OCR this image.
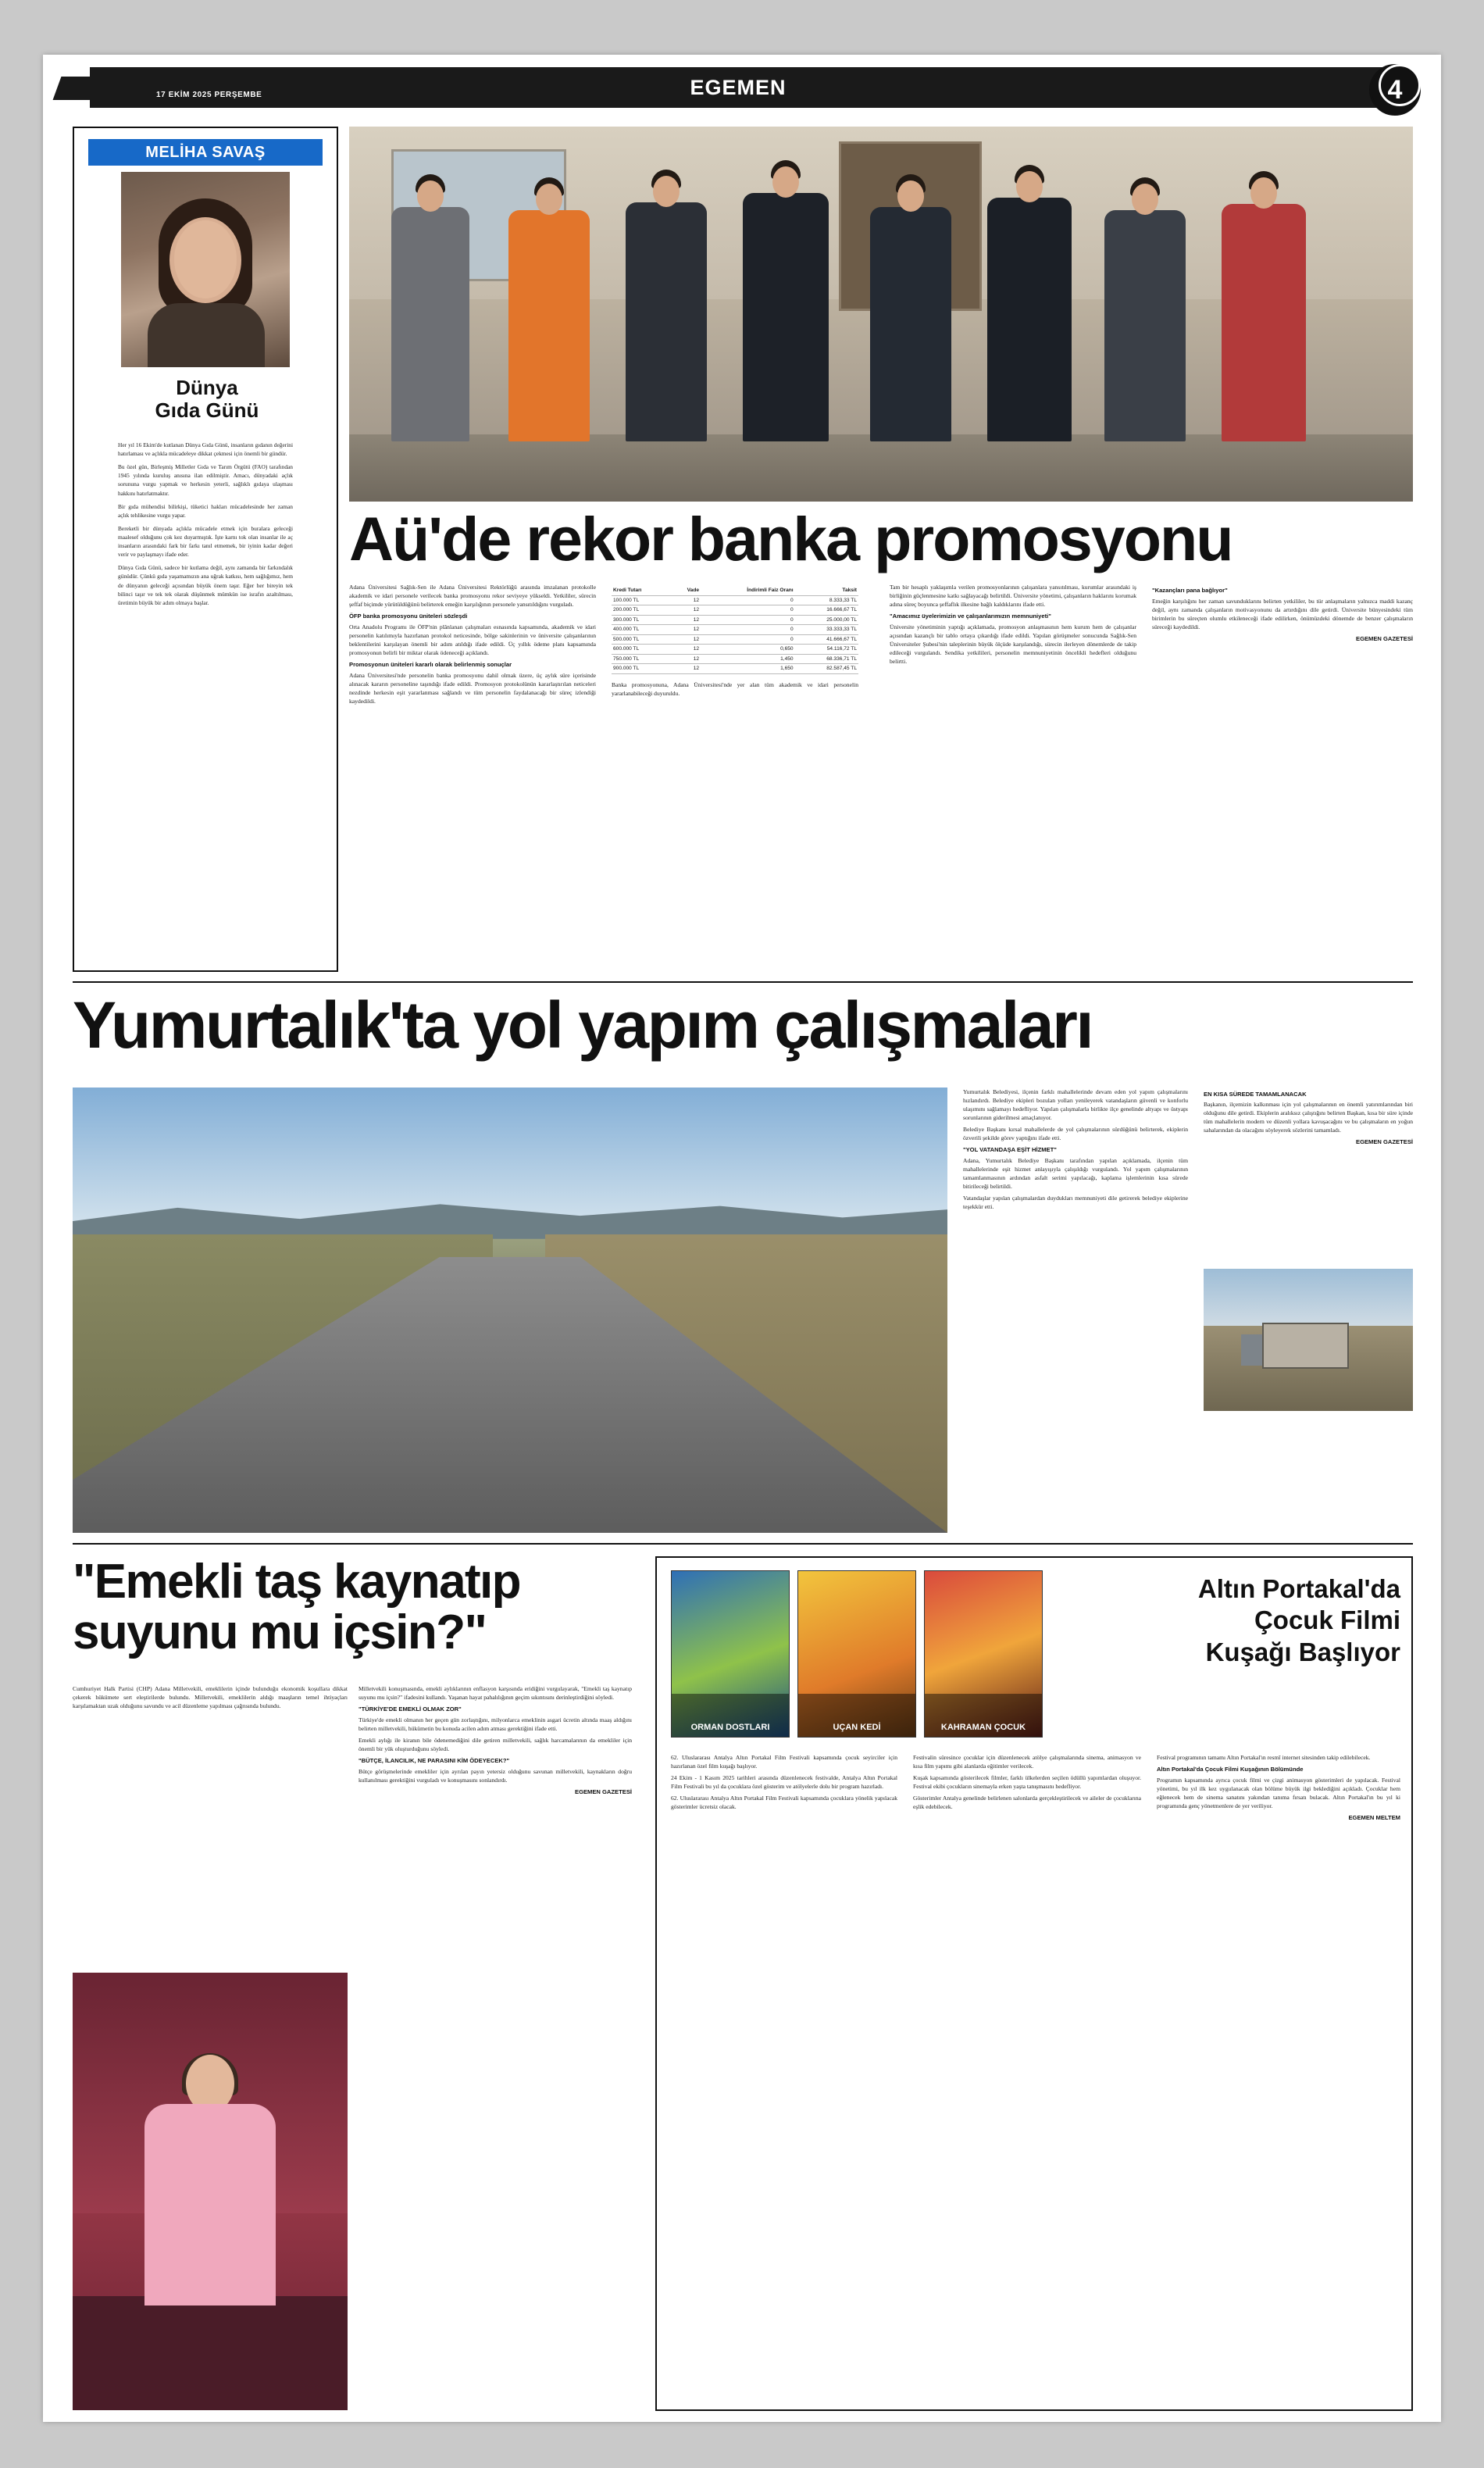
EGEMEN
17 EKİM 2025 PERŞEMBE	4
MELİHA SAVAŞ
Dünya
Gıda Günü

Her yıl 16 Ekim'de kutlanan Dünya Gıda Günü, insanların gıdanın değerini hatırlaması ve açlıkla mücadeleye dikkat çekmesi için önemli bir gündür.

Bu özel gün, Birleşmiş Milletler Gıda ve Tarım Örgütü (FAO) tarafından 1945 yılında kuruluş anısına ilan edilmiştir. Amacı, dünyadaki açlık sorununa vurgu yapmak ve herkesin yeterli, sağlıklı gıdaya ulaşması hakkını hatırlatmaktır.

Bir gıda mühendisi bilirkişi, tüketici hakları mücadelesinde her zaman açlık tehlikesine vurgu yapar.

Bereketli bir dünyada açlıkla mücadele etmek için buralara geleceği maalesef olduğunu çok kez duyarmıştık. İşte karnı tok olan insanlar ile aç insanların arasındaki fark bir farkı tanıl etmemek, bir iyinin kadar değeri verir ve paylaşmayı ifade eder.

Dünya Gıda Günü, sadece bir kutlama değil, aynı zamanda bir farkındalık günüdür. Çünkü gıda yaşamamızın ana uğrak katkısı, hem sağlığımız, hem de dünyanın geleceği açısından büyük önem taşır. Eğer her bireyin tek bilinci taşır ve tek tek olarak düşünmek mümkün ise israfın azaltılması, üretimin büyük bir adım olmaya başlar.

Aü'de rekor banka promosyonu

Adana Üniversitesi Sağlık-Sen ile Adana Üniversitesi Rektörlüğü arasında imzalanan protokolle akademik ve idari personele verilecek banka promosyonu rekor seviyeye yükseldi. Yetkililer, sürecin şeffaf biçimde yürütüldüğünü belirterek emeğin karşılığının personele yansıtıldığını vurguladı.

ÖFP banka promosyonu üniteleri sözleşdi

Orta Anadolu Programı ile ÖFP'nin plânlanan çalışmaları esnasında kapsamında, akademik ve idari personelin katılımıyla hazırlanan protokol neticesinde, bölge sakinlerinin ve üniversite çalışanlarının beklentilerini karşılayan önemli bir adım atıldığı ifade edildi. Üç yıllık ödeme planı kapsamında promosyonun belirli bir miktar olarak ödeneceği açıklandı.

Promosyonun üniteleri kararlı olarak belirlenmiş sonuçlar

Adana Üniversitesi'nde personelin banka promosyonu dahil olmak üzere, üç aylık süre içerisinde alınacak kararın personeline taşındığı ifade edildi. Promosyon protokolünün kararlaştırılan neticeleri nezdinde herkesin eşit yararlanması sağlandı ve tüm personelin faydalanacağı bir süreç izlendiği kaydedildi.

Kredi Tutarı	Vade	İndirimli Faiz Oranı	Taksit
100.000 TL	12	0	8.333,33 TL
200.000 TL	12	0	16.666,67 TL
300.000 TL	12	0	25.000,00 TL
400.000 TL	12	0	33.333,33 TL
500.000 TL	12	0	41.666,67 TL
600.000 TL	12	0,650	54.116,72 TL
750.000 TL	12	1,450	68.336,71 TL
900.000 TL	12	1,650	82.587,45 TL

Banka promosyonuna, Adana Üniversitesi'nde yer alan tüm akademik ve idari personelin yararlanabileceği duyuruldu.

Tam bir hesaplı yaklaşımla verilen promosyonlarının çalışanlara yansıtılması, kurumlar arasındaki iş birliğinin güçlenmesine katkı sağlayacağı belirtildi. Üniversite yönetimi, çalışanların haklarını korumak adına süreç boyunca şeffaflık ilkesine bağlı kaldıklarını ifade etti.

"Amacımız üyelerimizin ve çalışanlarımızın memnuniyeti"

Üniversite yönetiminin yaptığı açıklamada, promosyon anlaşmasının hem kurum hem de çalışanlar açısından kazançlı bir tablo ortaya çıkardığı ifade edildi. Yapılan görüşmeler sonucunda Sağlık-Sen Üniversiteler Şubesi'nin taleplerinin büyük ölçüde karşılandığı, sürecin ilerleyen dönemlerde de takip edileceği vurgulandı. Sendika yetkilileri, personelin memnuniyetinin öncelikli hedefleri olduğunu belirtti.

"Kazançları pana bağlıyor"

Emeğin karşılığını her zaman savunduklarını belirten yetkililer, bu tür anlaşmaların yalnızca maddi kazanç değil, aynı zamanda çalışanların motivasyonunu da artırdığını dile getirdi. Üniversite bünyesindeki tüm birimlerin bu süreçten olumlu etkileneceği ifade edilirken, önümüzdeki dönemde de benzer çalışmaların süreceği kaydedildi.

EGEMEN GAZETESİ
Yumurtalık'ta yol yapım çalışmaları

Yumurtalık Belediyesi, ilçenin farklı mahallelerinde devam eden yol yapım çalışmalarını hızlandırdı. Belediye ekipleri bozulan yolları yenileyerek vatandaşların güvenli ve konforlu ulaşımını sağlamayı hedefliyor. Yapılan çalışmalarla birlikte ilçe genelinde altyapı ve üstyapı sorunlarının giderilmesi amaçlanıyor.

Belediye Başkanı kırsal mahallelerde de yol çalışmalarının sürdüğünü belirterek, ekiplerin özverili şekilde görev yaptığını ifade etti.

"YOL VATANDAŞA EŞİT HİZMET"

Adana, Yumurtalık Belediye Başkanı tarafından yapılan açıklamada, ilçenin tüm mahallelerinde eşit hizmet anlayışıyla çalışıldığı vurgulandı. Yol yapım çalışmalarının tamamlanmasının ardından asfalt serimi yapılacağı, kaplama işlemlerinin kısa sürede bitirileceği belirtildi.

Vatandaşlar yapılan çalışmalardan duydukları memnuniyeti dile getirerek belediye ekiplerine teşekkür etti.

EN KISA SÜREDE TAMAMLANACAK

Başkanın, ilçemizin kalkınması için yol çalışmalarının en önemli yatırımlarından biri olduğunu dile getirdi. Ekiplerin aralıksız çalıştığını belirten Başkan, kısa bir süre içinde tüm mahallelerin modern ve düzenli yollara kavuşacağını ve bu çalışmaların en yoğun sahalarından da olacağını söyleyerek sözlerini tamamladı.

EGEMEN GAZETESİ
"Emekli taş kaynatıp
suyunu mu içsin?"

Cumhuriyet Halk Partisi (CHP) Adana Milletvekili, emeklilerin içinde bulunduğu ekonomik koşullara dikkat çekerek hükümete sert eleştirilerde bulundu. Milletvekili, emeklilerin aldığı maaşların temel ihtiyaçları karşılamaktan uzak olduğunu savundu ve acil düzenleme yapılması çağrısında bulundu.

Milletvekili konuşmasında, emekli aylıklarının enflasyon karşısında eridiğini vurgulayarak, "Emekli taş kaynatıp suyunu mu içsin?" ifadesini kullandı. Yaşanan hayat pahalılığının geçim sıkıntısını derinleştirdiğini söyledi.

"TÜRKİYE'DE EMEKLİ OLMAK ZOR"

Türkiye'de emekli olmanın her geçen gün zorlaştığını, milyonlarca emeklinin asgari ücretin altında maaş aldığını belirten milletvekili, hükümetin bu konuda acilen adım atması gerektiğini ifade etti.

Emekli aylığı ile kiranın bile ödenemediğini dile getiren milletvekili, sağlık harcamalarının da emekliler için önemli bir yük oluşturduğunu söyledi.

"BÜTÇE, İLANCILIK, NE PARASINI KİM ÖDEYECEK?"

Bütçe görüşmelerinde emekliler için ayrılan payın yetersiz olduğunu savunan milletvekili, kaynakların doğru kullanılması gerektiğini vurguladı ve konuşmasını sonlandırdı.

EGEMEN GAZETESİ
ORMAN DOSTLARI	UÇAN KEDİ	KAHRAMAN ÇOCUK
Altın Portakal'da
Çocuk Filmi
Kuşağı Başlıyor

62. Uluslararası Antalya Altın Portakal Film Festivali kapsamında çocuk seyirciler için hazırlanan özel film kuşağı başlıyor.

24 Ekim - 1 Kasım 2025 tarihleri arasında düzenlenecek festivalde, Antalya Altın Portakal Film Festivali bu yıl da çocuklara özel gösterim ve atölyelerle dolu bir program hazırladı.

62. Uluslararası Antalya Altın Portakal Film Festivali kapsamında çocuklara yönelik yapılacak gösterimler ücretsiz olacak.

Festivalin süresince çocuklar için düzenlenecek atölye çalışmalarında sinema, animasyon ve kısa film yapımı gibi alanlarda eğitimler verilecek.

Kuşak kapsamında gösterilecek filmler, farklı ülkelerden seçilen ödüllü yapımlardan oluşuyor. Festival ekibi çocukların sinemayla erken yaşta tanışmasını hedefliyor.

Gösterimler Antalya genelinde belirlenen salonlarda gerçekleştirilecek ve aileler de çocuklarına eşlik edebilecek.

Festival programının tamamı Altın Portakal'ın resmî internet sitesinden takip edilebilecek.

Altın Portakal'da Çocuk Filmi Kuşağının Bölümünde

Programın kapsamında ayrıca çocuk filmi ve çizgi animasyon gösterimleri de yapılacak. Festival yönetimi, bu yıl ilk kez uygulanacak olan bölüme büyük ilgi beklediğini açıkladı. Çocuklar hem eğlenecek hem de sinema sanatını yakından tanıma fırsatı bulacak. Altın Portakal'ın bu yıl ki programında genç yönetmenlere de yer veriliyor.

EGEMEN MELTEM
